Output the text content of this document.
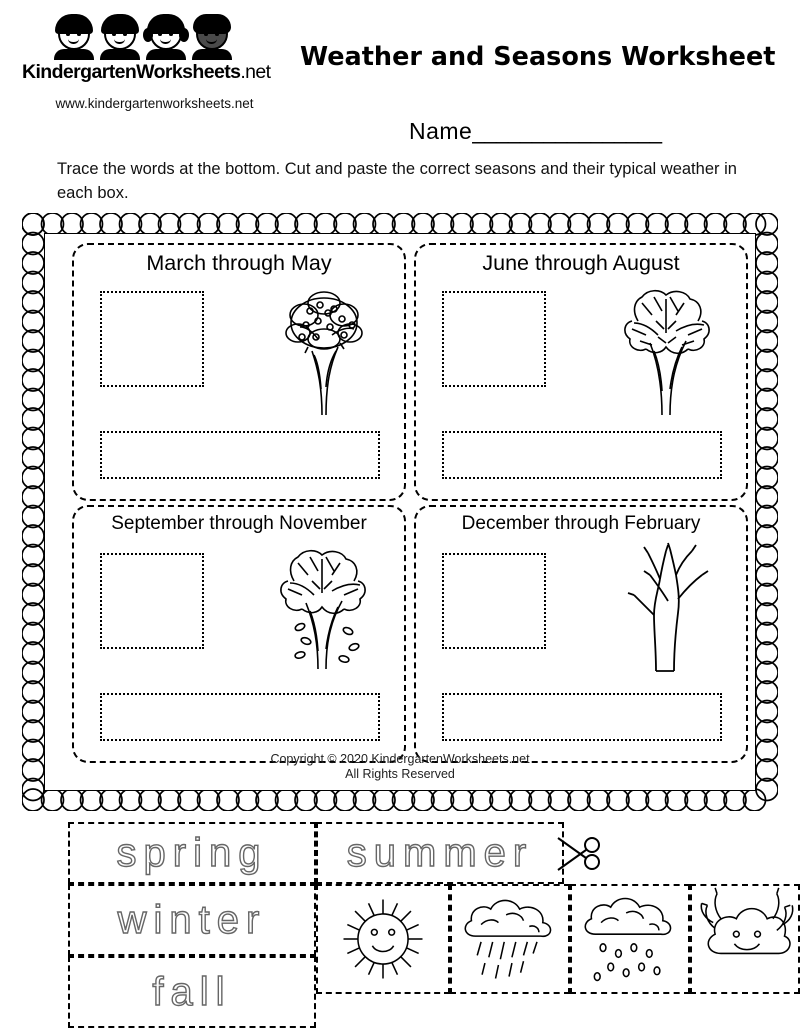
KindergartenWorksheets.net
www.kindergartenworksheets.net
Weather and Seasons Worksheet
Name________________
Trace the words at the bottom. Cut and paste the correct seasons and their typical weather in each box.
March through May	June through August
September through November	December through February
Copyright © 2020 KindergartenWorksheets.net
All Rights Reserved
spring summer
winter
fall
